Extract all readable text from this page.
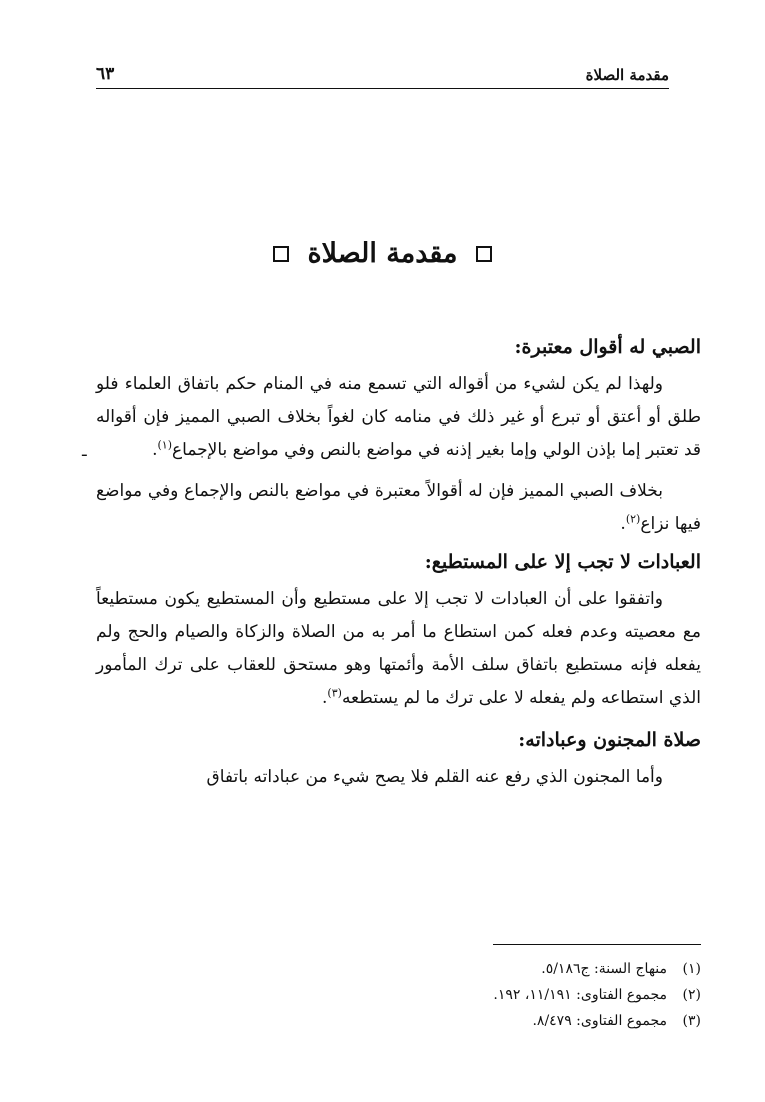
مقدمة الصلاة
٦٣
مقدمة الصلاة
الصبي له أقوال معتبرة:

ـ
ولهذا لم يكن لشيء من أقواله التي تسمع منه في المنام حكم باتفاق العلماء فلو طلق أو أعتق أو تبرع أو غير ذلك في منامه كان لغواً بخلاف الصبي المميز فإن أقواله قد تعتبر إما بإذن الولي وإما بغير إذنه في مواضع بالنص وفي مواضع بالإجماع$^{(١)}$.

بخلاف الصبي المميز فإن له أقوالاً معتبرة في مواضع بالنص والإجماع وفي مواضع فيها نزاع$^{(٢)}$.

العبادات لا تجب إلا على المستطيع:

واتفقوا على أن العبادات لا تجب إلا على مستطيع وأن المستطيع يكون مستطيعاً مع معصيته وعدم فعله كمن استطاع ما أمر به من الصلاة والزكاة والصيام والحج ولم يفعله فإنه مستطيع باتفاق سلف الأمة وأئمتها وهو مستحق للعقاب على ترك المأمور الذي استطاعه ولم يفعله لا على ترك ما لم يستطعه$^{(٣)}$.

صلاة المجنون وعباداته:

وأما المجنون الذي رفع عنه القلم فلا يصح شيء من عباداته باتفاق

(١)
منهاج السنة: ج٥/١٨٦.
(٢)
مجموع الفتاوى: ١١/١٩١، ١٩٢.
(٣)
مجموع الفتاوى: ٨/٤٧٩.
